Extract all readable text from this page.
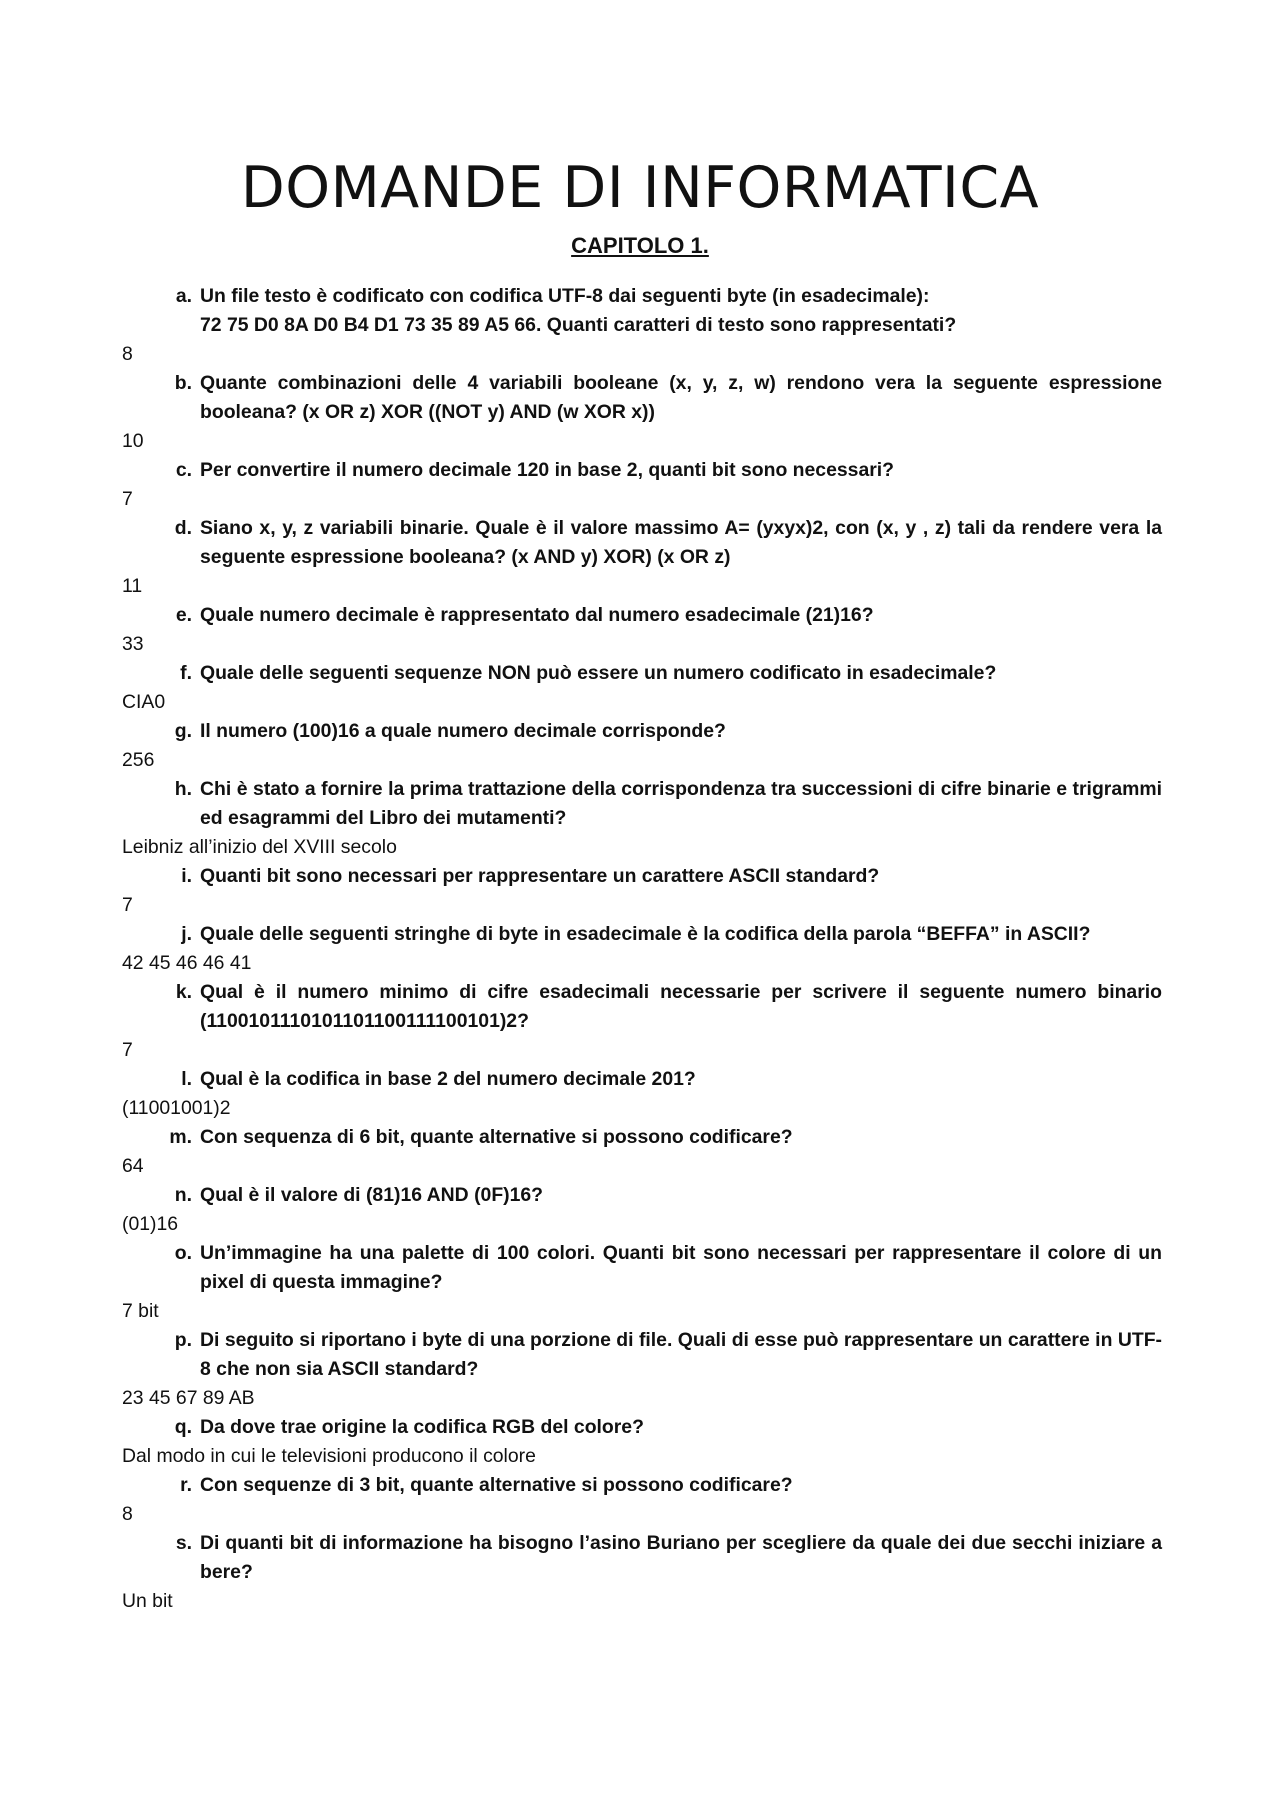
DOMANDE DI INFORMATICA
CAPITOLO 1.
a. Un file testo è codificato con codifica UTF-8 dai seguenti byte (in esadecimale):
72 75 D0 8A D0 B4 D1 73 35 89 A5 66. Quanti caratteri di testo sono rappresentati?
8
b. Quante combinazioni delle 4 variabili booleane (x, y, z, w) rendono vera la seguente espressione booleana? (x OR z) XOR ((NOT y) AND (w XOR x))
10
c. Per convertire il numero decimale 120 in base 2, quanti bit sono necessari?
7
d. Siano x, y, z variabili binarie. Quale è il valore massimo A= (yxyx)2, con (x, y , z) tali da rendere vera la seguente espressione booleana? (x AND y) XOR) (x OR z)
11
e. Quale numero decimale è rappresentato dal numero esadecimale (21)16?
33
f. Quale delle seguenti sequenze NON può essere un numero codificato in esadecimale?
CIA0
g. Il numero (100)16 a quale numero decimale corrisponde?
256
h. Chi è stato a fornire la prima trattazione della corrispondenza tra successioni di cifre binarie e trigrammi ed esagrammi del Libro dei mutamenti?
Leibniz all’inizio del XVIII secolo
i. Quanti bit sono necessari per rappresentare un carattere ASCII standard?
7
j. Quale delle seguenti stringhe di byte in esadecimale è la codifica della parola “BEFFA” in ASCII?
42 45 46 46 41
k. Qual è il numero minimo di cifre esadecimali necessarie per scrivere il seguente numero binario (1100101110101101100111100101)2?
7
l. Qual è la codifica in base 2 del numero decimale 201?
(11001001)2
m. Con sequenza di 6 bit, quante alternative si possono codificare?
64
n. Qual è il valore di (81)16 AND (0F)16?
(01)16
o. Un’immagine ha una palette di 100 colori. Quanti bit sono necessari per rappresentare il colore di un pixel di questa immagine?
7 bit
p. Di seguito si riportano i byte di una porzione di file. Quali di esse può rappresentare un carattere in UTF-8 che non sia ASCII standard?
23 45 67 89 AB
q. Da dove trae origine la codifica RGB del colore?
Dal modo in cui le televisioni producono il colore
r. Con sequenze di 3 bit, quante alternative si possono codificare?
8
s. Di quanti bit di informazione ha bisogno l’asino Buriano per scegliere da quale dei due secchi iniziare a bere?
Un bit
